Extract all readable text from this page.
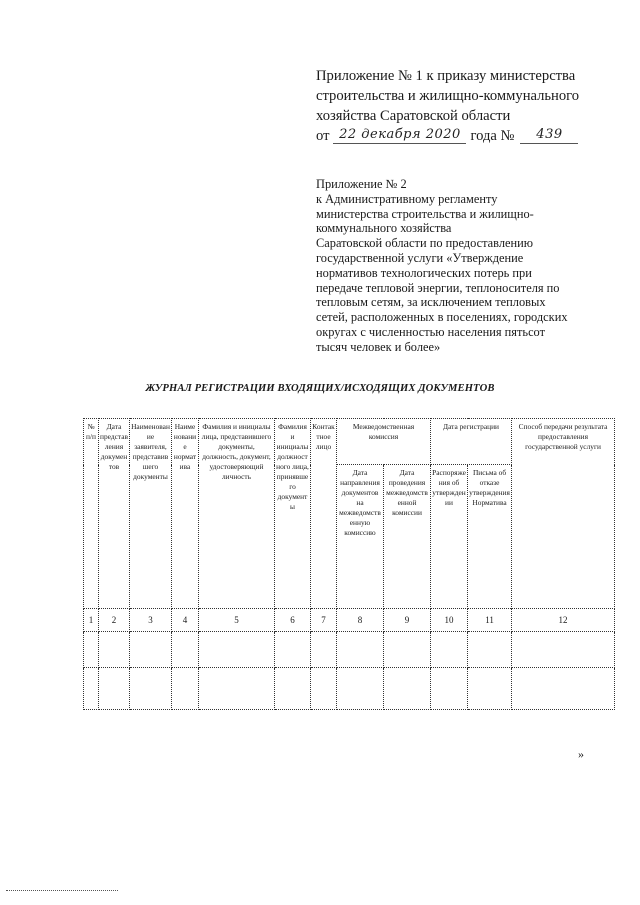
Приложение № 1 к приказу министерства
строительства и жилищно-коммунального
хозяйства Саратовской области
от 22 декабря 2020 года №	439
Приложение № 2
к Административному регламенту
министерства строительства и жилищно-
коммунального хозяйства
Саратовской области по предоставлению
государственной услуги «Утверждение
нормативов технологических потерь при
передаче тепловой энергии, теплоносителя по
тепловым сетям, за исключением тепловых
сетей, расположенных в поселениях, городских
округах с численностью населения пятьсот
тысяч человек и более»
ЖУРНАЛ РЕГИСТРАЦИИ ВХОДЯЩИХ/ИСХОДЯЩИХ ДОКУМЕНТОВ
№ п/п	Дата представления документов	Наименование заявителя, представившего документы	Наименование норматива	Фамилия и инициалы лица, представившего документы, должность, документ, удостоверяющий личность	Фамилия и инициалы должностного лица, принявшего документы	Контактное лицо	Межведомственная комиссия		Дата регистрации		Способ передачи результата предоставления государственной услуги
							Дата направления документов на межведомственную комиссию	Дата проведения межведомственной комиссии	Распоряжения об утверждении	Письма об отказе утверждения Норматива	
1	2	3	4	5	6	7	8	9	10	11	12

»
